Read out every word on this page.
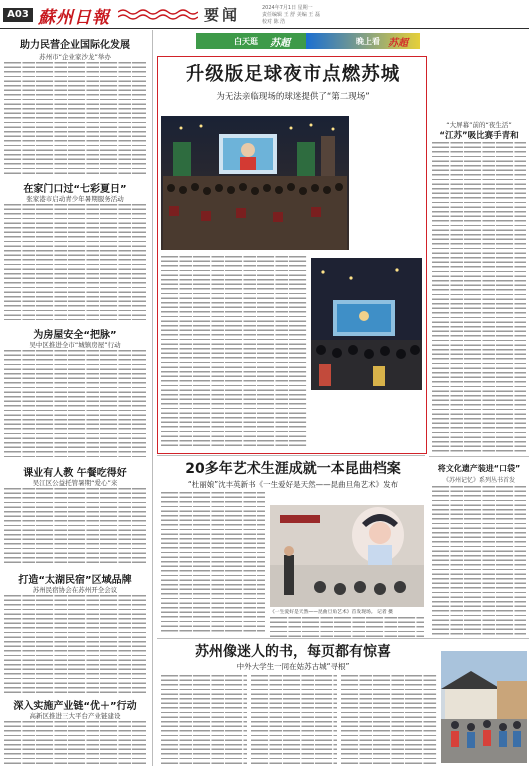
A03 蘇州日報	要闻	2024年7月1日 星期一
责任编辑 王 舒 美编 王 磊
校对 陈 浩
助力民营企业国际化发展
苏州市“企业家沙龙”举办
在家门口过“七彩夏日”
张家港市启动青少年暑期服务活动
为房屋安全“把脉”
吴中区推进全市“城镇房屋”行动
课业有人教 午餐吃得好
吴江区公益托管暑期“爱心”来
打造“太湖民宿”区域品牌
苏州民宿协会在苏州开全会议
深入实施产业链“优＋”行动
高新区推进三大平台产业链建设
白天逛 苏超	晚上看 苏超
升级版足球夜市点燃苏城
为无法亲临现场的球迷提供了“第二现场”
“大屏幕”前的“夜生活”
“江苏”吸比赛手青和
将文化遗产装进“口袋”
《苏州记忆》系列丛书首发
20多年艺术生涯成就一本昆曲档案
“杜丽娘”沈丰英新书《一生爱好是天然——昆曲旦角艺术》发布
《一生爱好是天然——昆曲旦角艺术》首发现场。 记者 摄
苏州像迷人的书，每页都有惊喜
中外大学生一同在姑苏古城“寻根”
